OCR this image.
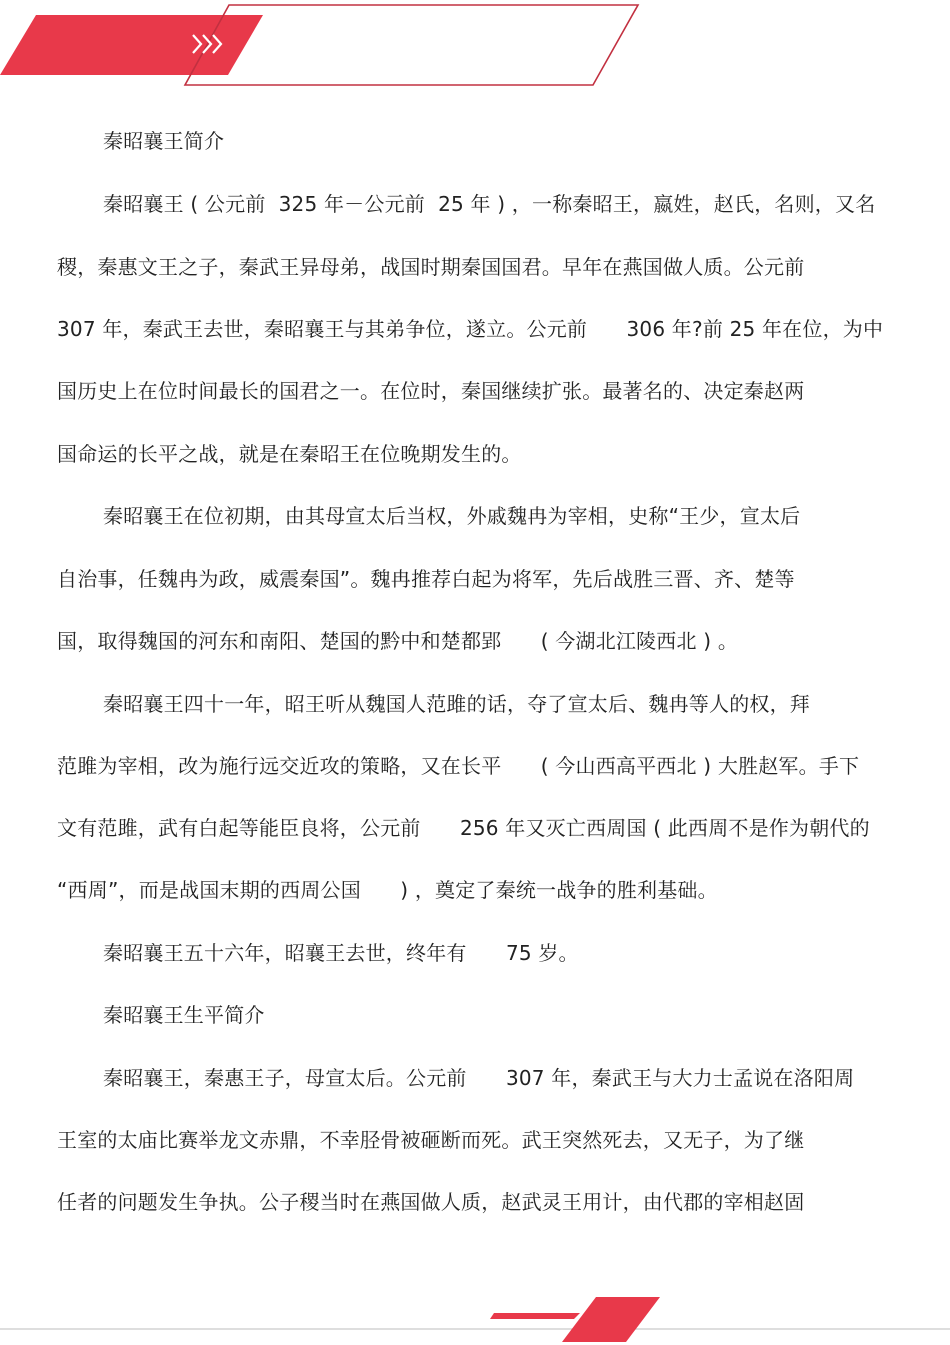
秦昭襄王简介
秦昭襄王 ( 公元前  325 年－公元前  25 年 ) ，一称秦昭王，嬴姓，赵氏，名则，又名
稷，秦惠文王之子，秦武王异母弟，战国时期秦国国君。早年在燕国做人质。公元前
307 年，秦武王去世，秦昭襄王与其弟争位，遂立。公元前      306 年?前 25 年在位，为中
国历史上在位时间最长的国君之一。在位时，秦国继续扩张。最著名的、决定秦赵两
国命运的长平之战，就是在秦昭王在位晚期发生的。
秦昭襄王在位初期，由其母宣太后当权，外戚魏冉为宰相，史称“王少，宣太后
自治事，任魏冉为政，威震秦国”。魏冉推荐白起为将军，先后战胜三晋、齐、楚等
国，取得魏国的河东和南阳、楚国的黔中和楚都郢      ( 今湖北江陵西北 ) 。
秦昭襄王四十一年，昭王听从魏国人范雎的话，夺了宣太后、魏冉等人的权，拜
范雎为宰相，改为施行远交近攻的策略，又在长平      ( 今山西高平西北 ) 大胜赵军。手下
文有范雎，武有白起等能臣良将，公元前      256 年又灭亡西周国 ( 此西周不是作为朝代的
“西周”，而是战国末期的西周公国      ) ，奠定了秦统一战争的胜利基础。
秦昭襄王五十六年，昭襄王去世，终年有      75 岁。
秦昭襄王生平简介
秦昭襄王，秦惠王子，母宣太后。公元前      307 年，秦武王与大力士孟说在洛阳周
王室的太庙比赛举龙文赤鼎，不幸胫骨被砸断而死。武王突然死去，又无子，为了继
任者的问题发生争执。公子稷当时在燕国做人质，赵武灵王用计，由代郡的宰相赵固
